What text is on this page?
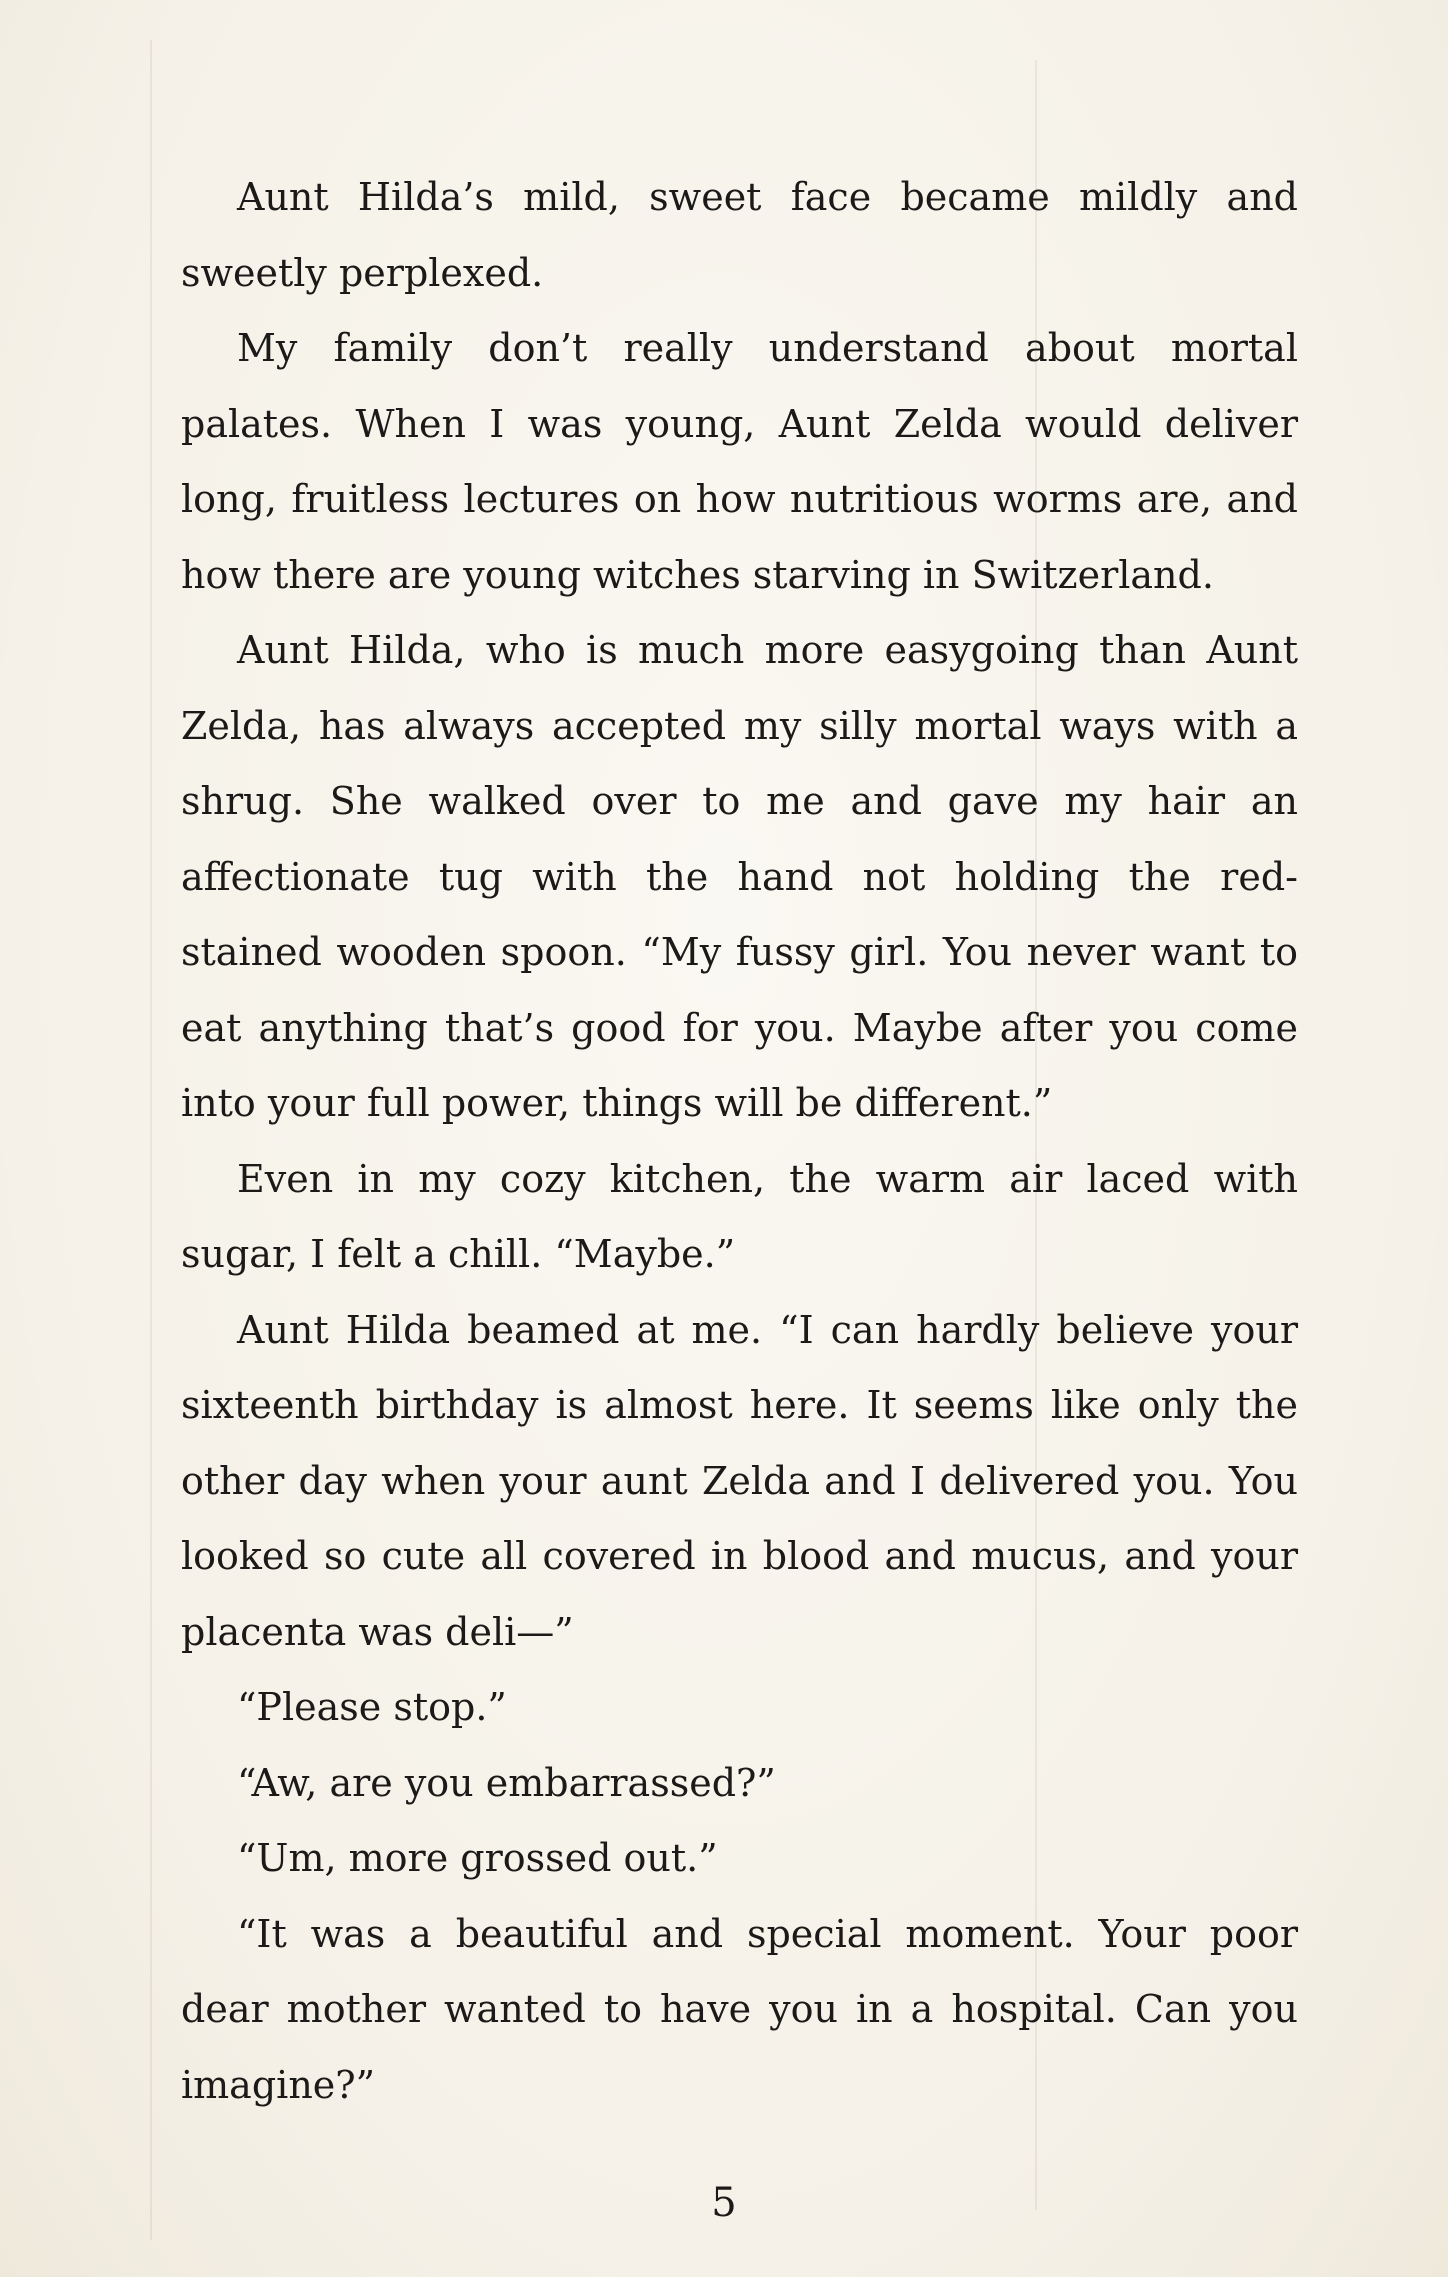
Aunt Hilda’s mild, sweet face became mildly and sweetly perplexed.

My family don’t really understand about mortal palates. When I was young, Aunt Zelda would deliver long, fruitless lectures on how nutritious worms are, and how there are young witches starving in Switzerland.

Aunt Hilda, who is much more easygoing than Aunt Zelda, has always accepted my silly mortal ways with a shrug. She walked over to me and gave my hair an affectionate tug with the hand not holding the red-stained wooden spoon. “My fussy girl. You never want to eat anything that’s good for you. Maybe after you come into your full power, things will be different.”

Even in my cozy kitchen, the warm air laced with sugar, I felt a chill. “Maybe.”

Aunt Hilda beamed at me. “I can hardly believe your sixteenth birthday is almost here. It seems like only the other day when your aunt Zelda and I delivered you. You looked so cute all covered in blood and mucus, and your placenta was deli—”

“Please stop.”

“Aw, are you embarrassed?”

“Um, more grossed out.”

“It was a beautiful and special moment. Your poor dear mother wanted to have you in a hospital. Can you imagine?”

5
